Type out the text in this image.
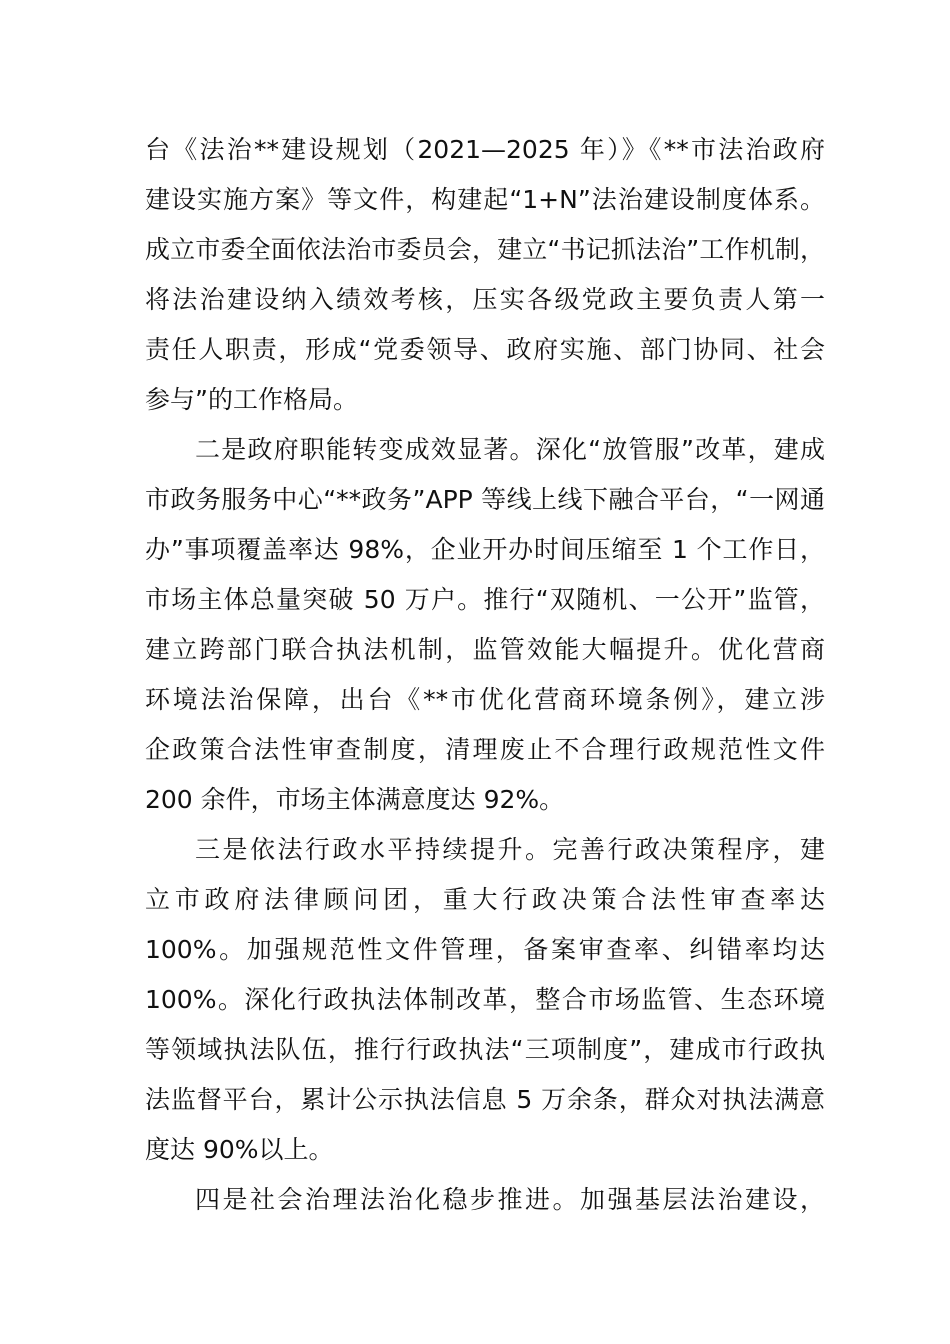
台《法治**建设规划（2021—2025 年）》《**市法治政府
建设实施方案》等文件，构建起“1+N”法治建设制度体系。
成立市委全面依法治市委员会，建立“书记抓法治”工作机制，
将法治建设纳入绩效考核，压实各级党政主要负责人第一
责任人职责，形成“党委领导、政府实施、部门协同、社会
参与”的工作格局。
二是政府职能转变成效显著。深化“放管服”改革，建成
市政务服务中心“**政务”APP 等线上线下融合平台，“一网通
办”事项覆盖率达 98%，企业开办时间压缩至 1 个工作日，
市场主体总量突破 50 万户。推行“双随机、一公开”监管，
建立跨部门联合执法机制，监管效能大幅提升。优化营商
环境法治保障，出台《**市优化营商环境条例》，建立涉
企政策合法性审查制度，清理废止不合理行政规范性文件
200 余件，市场主体满意度达 92%。
三是依法行政水平持续提升。完善行政决策程序，建
立市政府法律顾问团，重大行政决策合法性审查率达
100%。加强规范性文件管理，备案审查率、纠错率均达
100%。深化行政执法体制改革，整合市场监管、生态环境
等领域执法队伍，推行行政执法“三项制度”，建成市行政执
法监督平台，累计公示执法信息 5 万余条，群众对执法满意
度达 90%以上。
四是社会治理法治化稳步推进。加强基层法治建设，
